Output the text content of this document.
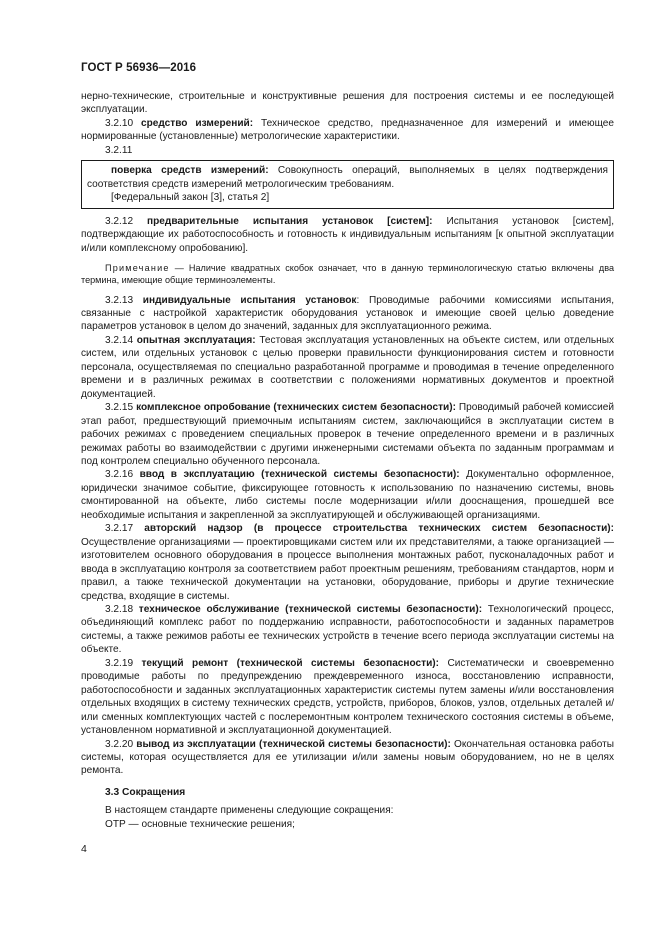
ГОСТ Р 56936—2016

нерно-технические, строительные и конструктивные решения для построения системы и ее последующей эксплуатации.

3.2.10 средство измерений: Техническое средство, предназначенное для измерений и имеющее нормированные (установленные) метрологические характеристики.

3.2.11

поверка средств измерений: Совокупность операций, выполняемых в целях подтверждения соответствия средств измерений метрологическим требованиям.

[Федеральный закон [3], статья 2]

3.2.12 предварительные испытания установок [систем]: Испытания установок [систем], подтверждающие их работоспособность и готовность к индивидуальным испытаниям [к опытной эксплуатации и/или комплексному опробованию].

Примечание — Наличие квадратных скобок означает, что в данную терминологическую статью включены два термина, имеющие общие терминоэлементы.

3.2.13 индивидуальные испытания установок: Проводимые рабочими комиссиями испытания, связанные с настройкой характеристик оборудования установок и имеющие своей целью доведение параметров установок в целом до значений, заданных для эксплуатационного режима.

3.2.14 опытная эксплуатация: Тестовая эксплуатация установленных на объекте систем, или отдельных систем, или отдельных установок с целью проверки правильности функционирования систем и готовности персонала, осуществляемая по специально разработанной программе и проводимая в течение определенного времени и в различных режимах в соответствии с положениями нормативных документов и проектной документацией.

3.2.15 комплексное опробование (технических систем безопасности): Проводимый рабочей комиссией этап работ, предшествующий приемочным испытаниям систем, заключающийся в эксплуатации систем в рабочих режимах с проведением специальных проверок в течение определенного времени и в различных режимах работы во взаимодействии с другими инженерными системами объекта по заданным программам и под контролем специально обученного персонала.

3.2.16 ввод в эксплуатацию (технической системы безопасности): Документально оформленное, юридически значимое событие, фиксирующее готовность к использованию по назначению системы, вновь смонтированной на объекте, либо системы после модернизации и/или дооснащения, прошедшей все необходимые испытания и закрепленной за эксплуатирующей и обслуживающей организациями.

3.2.17 авторский надзор (в процессе строительства технических систем безопасности): Осуществление организациями — проектировщиками систем или их представителями, а также организацией — изготовителем основного оборудования в процессе выполнения монтажных работ, пусконаладочных работ и ввода в эксплуатацию контроля за соответствием работ проектным решениям, требованиям стандартов, норм и правил, а также технической документации на установки, оборудование, приборы и другие технические средства, входящие в системы.

3.2.18 техническое обслуживание (технической системы безопасности): Технологический процесс, объединяющий комплекс работ по поддержанию исправности, работоспособности и заданных параметров системы, а также режимов работы ее технических устройств в течение всего периода эксплуатации системы на объекте.

3.2.19 текущий ремонт (технической системы безопасности): Систематически и своевременно проводимые работы по предупреждению преждевременного износа, восстановлению исправности, работоспособности и заданных эксплуатационных характеристик системы путем замены и/или восстановления отдельных входящих в систему технических средств, устройств, приборов, блоков, узлов, отдельных деталей и/или сменных комплектующих частей с послеремонтным контролем технического состояния системы в объеме, установленном нормативной и эксплуатационной документацией.

3.2.20 вывод из эксплуатации (технической системы безопасности): Окончательная остановка работы системы, которая осуществляется для ее утилизации и/или замены новым оборудованием, но не в целях ремонта.

3.3 Сокращения

В настоящем стандарте применены следующие сокращения:

ОТР — основные технические решения;

4
